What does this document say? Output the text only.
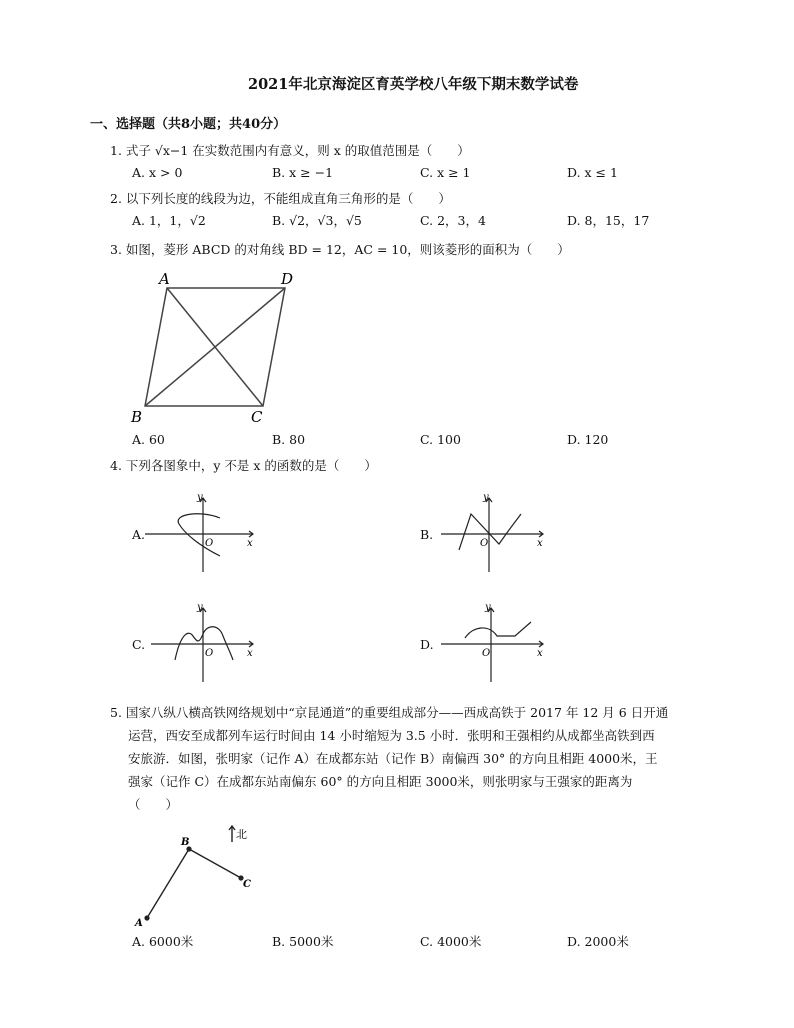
2021年北京海淀区育英学校八年级下期末数学试卷
一、选择题（共8小题；共40分）
1. 式子 √x−1 在实数范围内有意义，则 x 的取值范围是（　　）
A. x > 0	B. x ≥ −1	C. x ≥ 1	D. x ≤ 1
2. 以下列长度的线段为边，不能组成直角三角形的是（　　）
A. 1，1，√2	B. √2，√3，√5	C. 2，3，4	D. 8，15，17
3. 如图，菱形 ABCD 的对角线 BD = 12，AC = 10，则该菱形的面积为（　　）
A	D
B	C
A. 60	B. 80	C. 100	D. 120
4. 下列各图象中，y 不是 x 的函数的是（　　）
A.
y
x
O
B.
y
x
O
C.
y
x
O
D.
y
x
O
5. 国家八纵八横高铁网络规划中“京昆通道”的重要组成部分——西成高铁于 2017 年 12 月 6 日开通
运营，西安至成都列车运行时间由 14 小时缩短为 3.5 小时．张明和王强相约从成都坐高铁到西
安旅游．如图，张明家（记作 A）在成都东站（记作 B）南偏西 30° 的方向且相距 4000米，王
强家（记作 C）在成都东站南偏东 60° 的方向且相距 3000米，则张明家与王强家的距离为
（　　）
A
B
C
北
A. 6000米	B. 5000米	C. 4000米	D. 2000米
